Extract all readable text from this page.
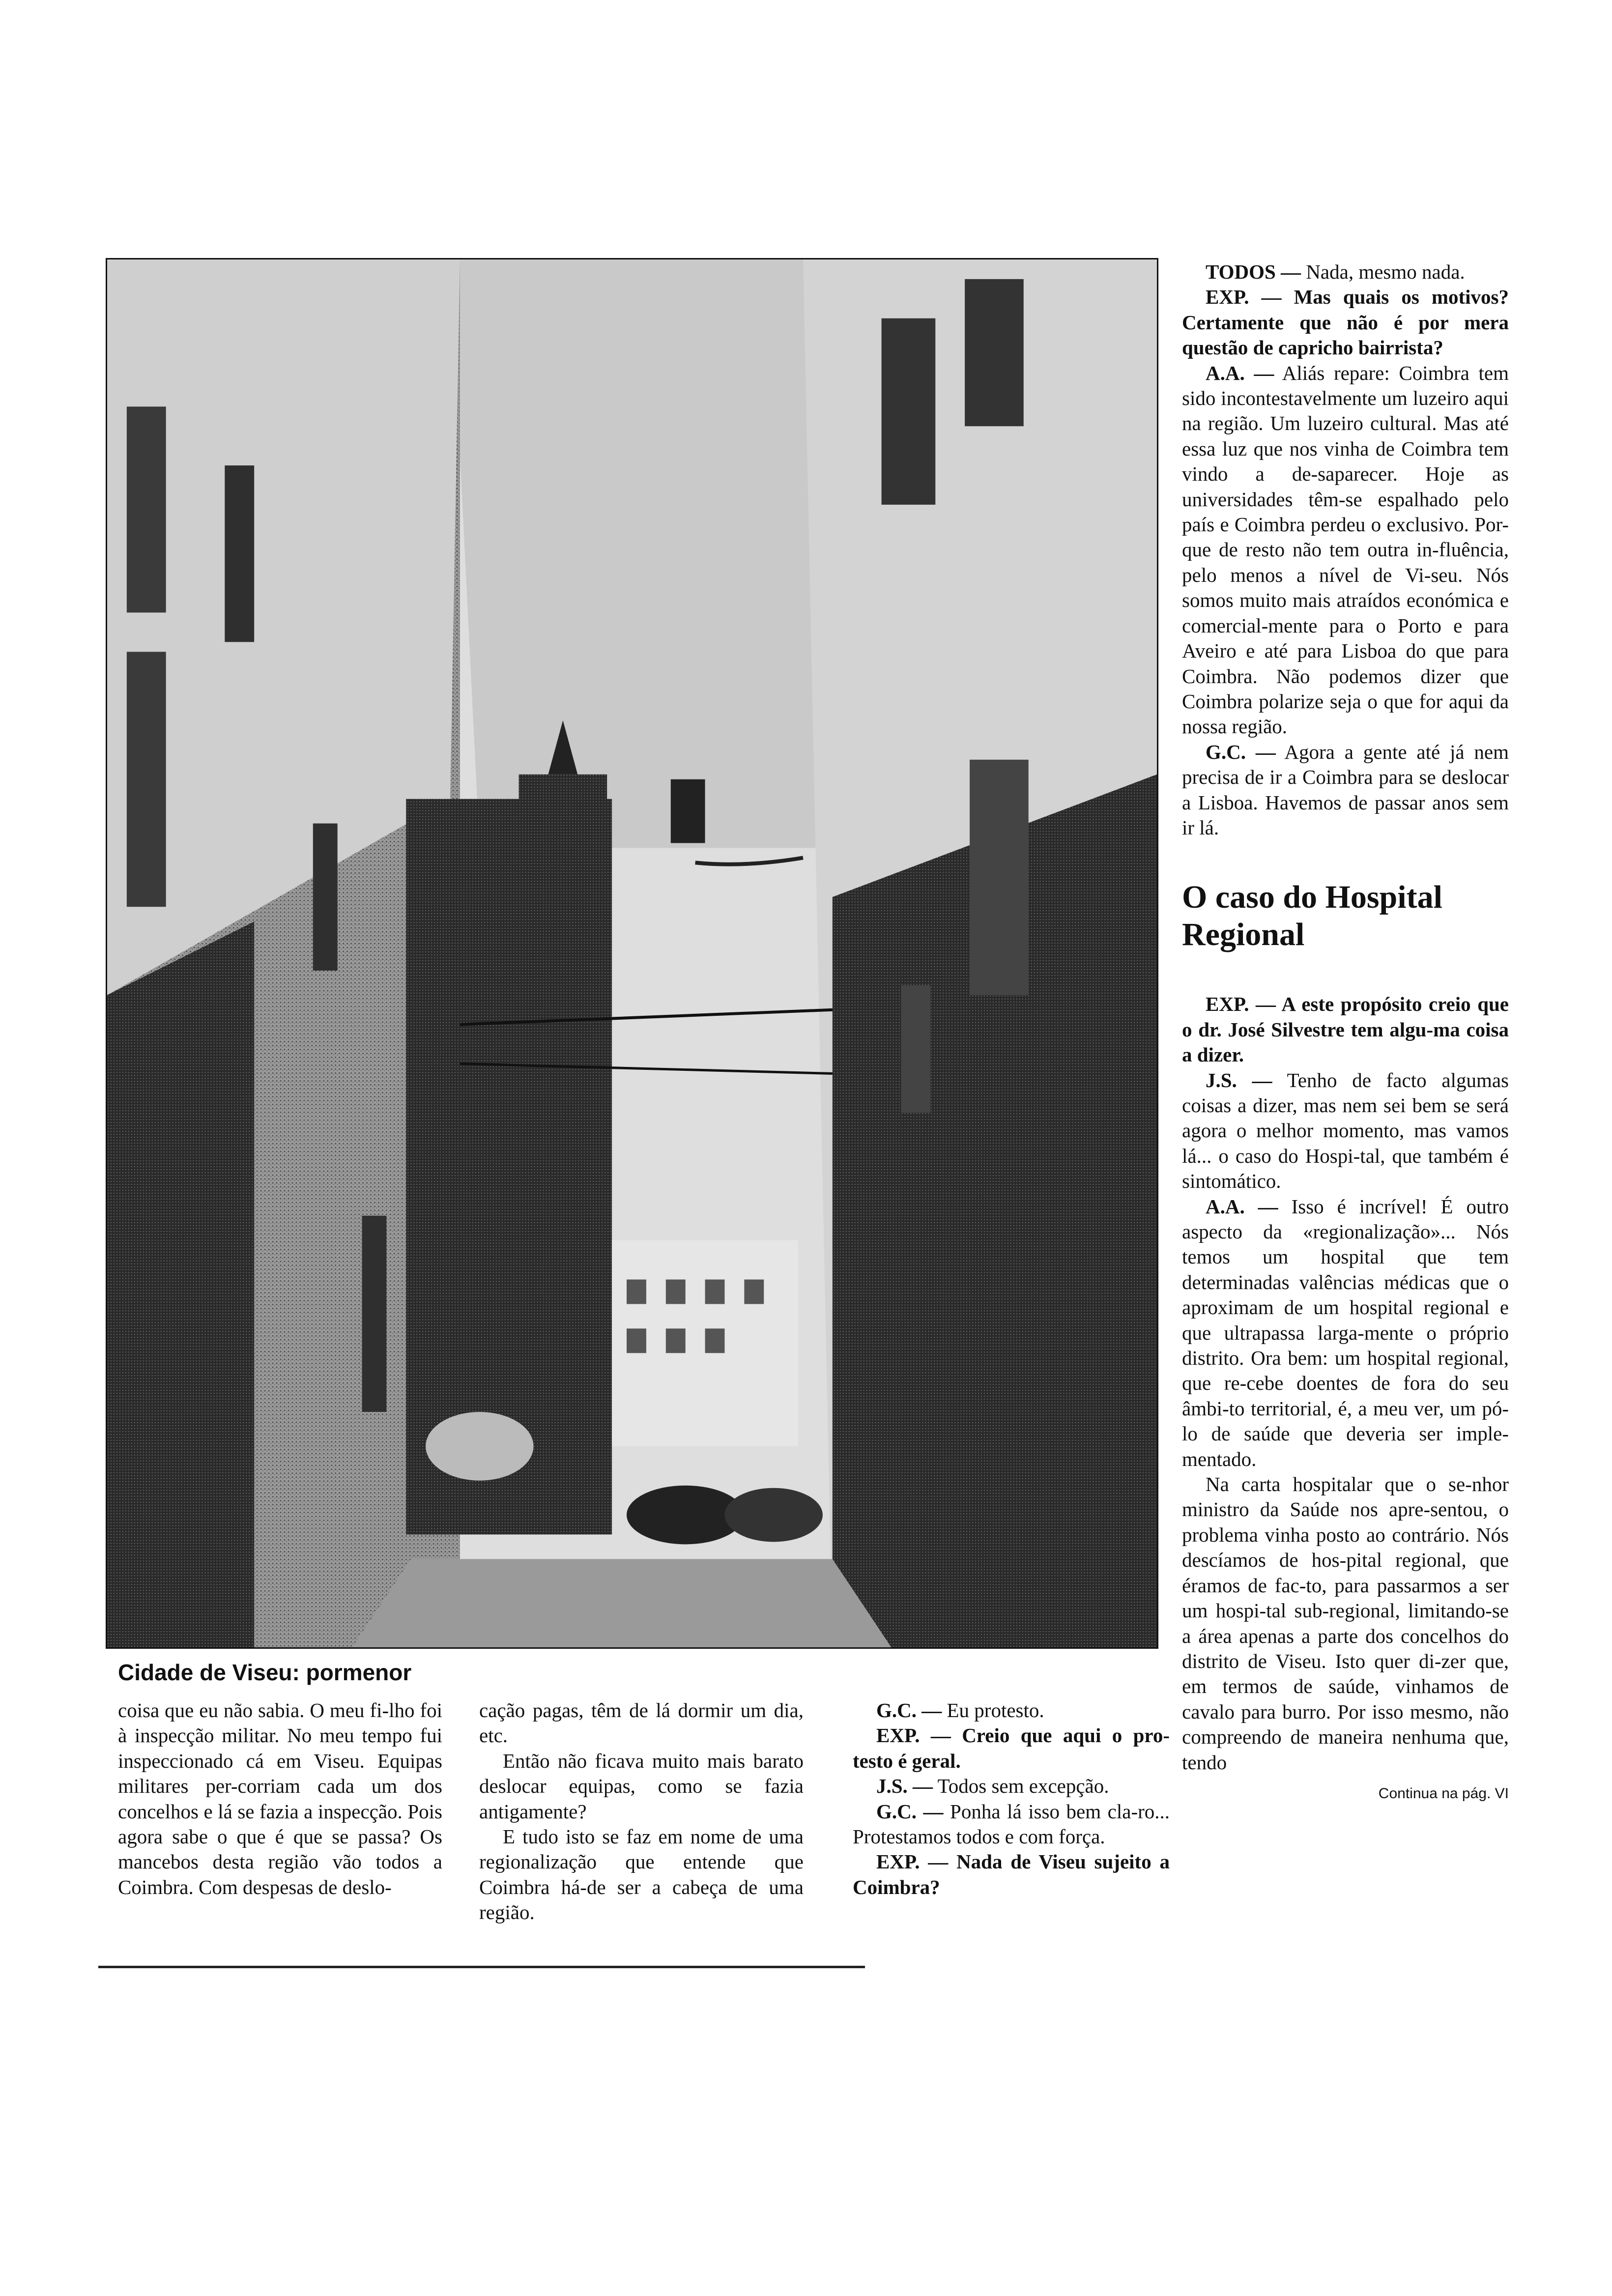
Cidade de Viseu: pormenor

coisa que eu não sabia. O meu fi-lho foi à inspecção militar. No meu tempo fui inspeccionado cá em Viseu. Equipas militares per-corriam cada um dos concelhos e lá se fazia a inspecção. Pois agora sabe o que é que se passa? Os mancebos desta região vão todos a Coimbra. Com despesas de deslo-

cação pagas, têm de lá dormir um dia, etc.

Então não ficava muito mais barato deslocar equipas, como se fazia antigamente?

E tudo isto se faz em nome de uma regionalização que entende que Coimbra há-de ser a cabeça de uma região.

G.C. — Eu protesto.

EXP. — Creio que aqui o pro-testo é geral.

J.S. — Todos sem excepção.

G.C. — Ponha lá isso bem cla-ro... Protestamos todos e com força.

EXP. — Nada de Viseu sujeito a Coimbra?

TODOS — Nada, mesmo nada.

EXP. — Mas quais os motivos? Certamente que não é por mera questão de capricho bairrista?

A.A. — Aliás repare: Coimbra tem sido incontestavelmente um luzeiro aqui na região. Um luzeiro cultural. Mas até essa luz que nos vinha de Coimbra tem vindo a de-saparecer. Hoje as universidades têm-se espalhado pelo país e Coimbra perdeu o exclusivo. Por-que de resto não tem outra in-fluência, pelo menos a nível de Vi-seu. Nós somos muito mais atraídos económica e comercial-mente para o Porto e para Aveiro e até para Lisboa do que para Coimbra. Não podemos dizer que Coimbra polarize seja o que for aqui da nossa região.

G.C. — Agora a gente até já nem precisa de ir a Coimbra para se deslocar a Lisboa. Havemos de passar anos sem ir lá.

O caso do Hospital Regional

EXP. — A este propósito creio que o dr. José Silvestre tem algu-ma coisa a dizer.

J.S. — Tenho de facto algumas coisas a dizer, mas nem sei bem se será agora o melhor momento, mas vamos lá... o caso do Hospi-tal, que também é sintomático.

A.A. — Isso é incrível! É outro aspecto da «regionalização»... Nós temos um hospital que tem determinadas valências médicas que o aproximam de um hospital regional e que ultrapassa larga-mente o próprio distrito. Ora bem: um hospital regional, que re-cebe doentes de fora do seu âmbi-to territorial, é, a meu ver, um pó-lo de saúde que deveria ser imple-mentado.

Na carta hospitalar que o se-nhor ministro da Saúde nos apre-sentou, o problema vinha posto ao contrário. Nós descíamos de hos-pital regional, que éramos de fac-to, para passarmos a ser um hospi-tal sub-regional, limitando-se a área apenas a parte dos concelhos do distrito de Viseu. Isto quer di-zer que, em termos de saúde, vinhamos de cavalo para burro. Por isso mesmo, não compreendo de maneira nenhuma que, tendo

Continua na pág. VI
